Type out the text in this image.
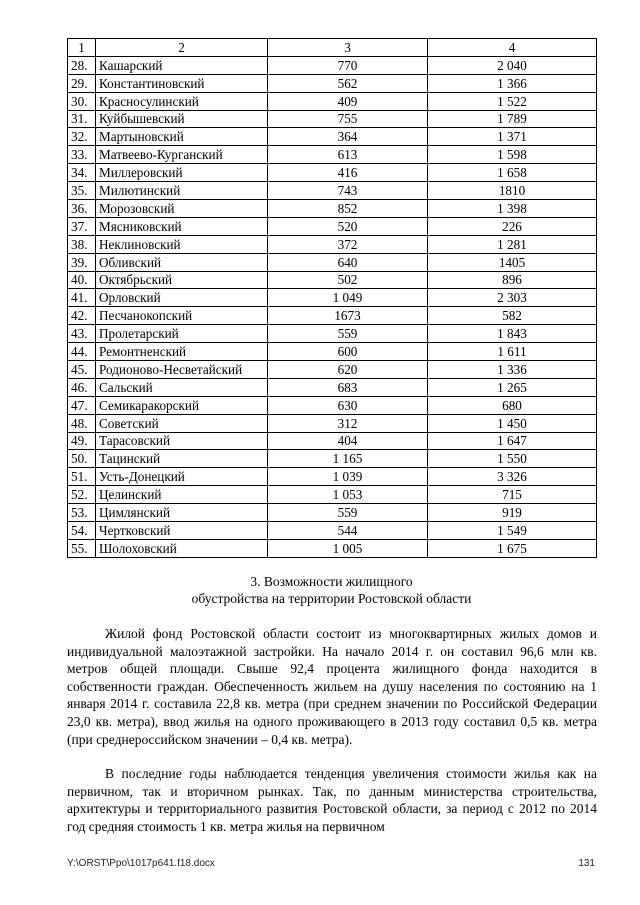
1	2	3	4
28.	Кашарский	770	2 040
29.	Константиновский	562	1 366
30.	Красносулинский	409	1 522
31.	Куйбышевский	755	1 789
32.	Мартыновский	364	1 371
33.	Матвеево-Курганский	613	1 598
34.	Миллеровский	416	1 658
35.	Милютинский	743	1810
36.	Морозовский	852	1 398
37.	Мясниковский	520	226
38.	Неклиновский	372	1 281
39.	Обливский	640	1405
40.	Октябрьский	502	896
41.	Орловский	1 049	2 303
42.	Песчанокопский	1673	582
43.	Пролетарский	559	1 843
44.	Ремонтненский	600	1 611
45.	Родионово-Несветайский	620	1 336
46.	Сальский	683	1 265
47.	Семикаракорский	630	680
48.	Советский	312	1 450
49.	Тарасовский	404	1 647
50.	Тацинский	1 165	1 550
51.	Усть-Донецкий	1 039	3 326
52.	Целинский	1 053	715
53.	Цимлянский	559	919
54.	Чертковский	544	1 549
55.	Шолоховский	1 005	1 675
3. Возможности жилищного
обустройства на территории Ростовской области

Жилой фонд Ростовской области состоит из многоквартирных жилых домов и индивидуальной малоэтажной застройки. На начало 2014 г. он составил 96,6 млн кв. метров общей площади. Свыше 92,4 процента жилищного фонда находится в собственности граждан. Обеспеченность жильем на душу населения по состоянию на 1 января 2014 г. составила 22,8 кв. метра (при среднем значении по Российской Федерации 23,0 кв. метра), ввод жилья на одного проживающего в 2013 году составил 0,5 кв. метра (при среднероссийском значении – 0,4 кв. метра).

В последние годы наблюдается тенденция увеличения стоимости жилья как на первичном, так и вторичном рынках. Так, по данным министерства строительства, архитектуры и территориального развития Ростовской области, за период с 2012 по 2014 год средняя стоимость 1 кв. метра жилья на первичном

Y:\ORST\Ppo\1017p641.f18.docx	131
